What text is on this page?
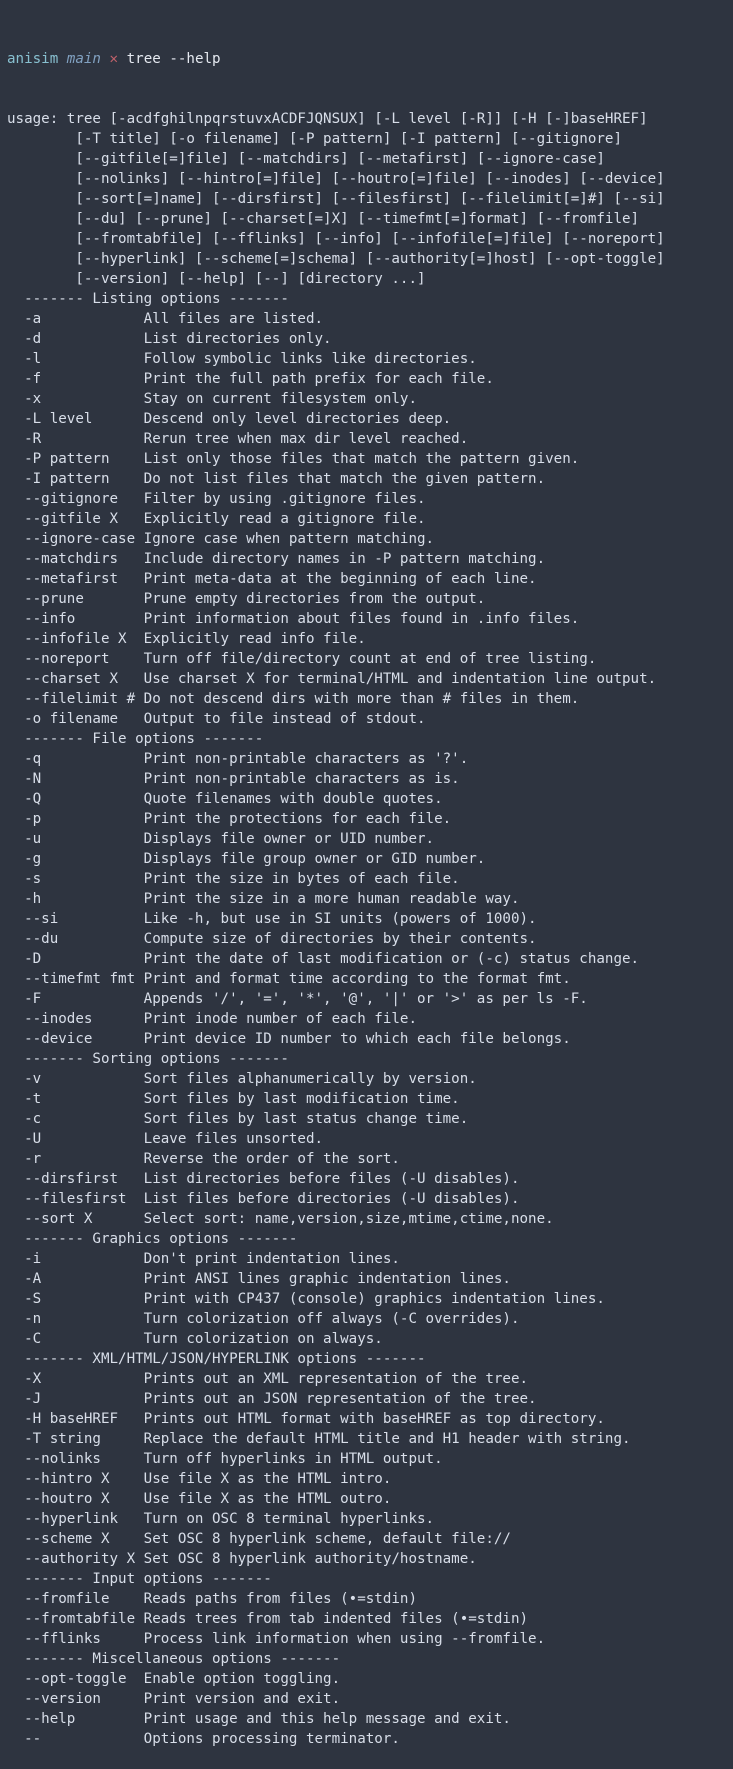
anisim main ✕ tree --help

usage: tree [-acdfghilnpqrstuvxACDFJQNSUX] [-L level [-R]] [-H [-]baseHREF]
[-T title] [-o filename] [-P pattern] [-I pattern] [--gitignore]
[--gitfile[=]file] [--matchdirs] [--metafirst] [--ignore-case]
[--nolinks] [--hintro[=]file] [--houtro[=]file] [--inodes] [--device]
[--sort[=]name] [--dirsfirst] [--filesfirst] [--filelimit[=]#] [--si]
[--du] [--prune] [--charset[=]X] [--timefmt[=]format] [--fromfile]
[--fromtabfile] [--fflinks] [--info] [--infofile[=]file] [--noreport]
[--hyperlink] [--scheme[=]schema] [--authority[=]host] [--opt-toggle]
[--version] [--help] [--] [directory ...]
------- Listing options -------
-a            All files are listed.
-d            List directories only.
-l            Follow symbolic links like directories.
-f            Print the full path prefix for each file.
-x            Stay on current filesystem only.
-L level      Descend only level directories deep.
-R            Rerun tree when max dir level reached.
-P pattern    List only those files that match the pattern given.
-I pattern    Do not list files that match the given pattern.
--gitignore   Filter by using .gitignore files.
--gitfile X   Explicitly read a gitignore file.
--ignore-case Ignore case when pattern matching.
--matchdirs   Include directory names in -P pattern matching.
--metafirst   Print meta-data at the beginning of each line.
--prune       Prune empty directories from the output.
--info        Print information about files found in .info files.
--infofile X  Explicitly read info file.
--noreport    Turn off file/directory count at end of tree listing.
--charset X   Use charset X for terminal/HTML and indentation line output.
--filelimit # Do not descend dirs with more than # files in them.
-o filename   Output to file instead of stdout.
------- File options -------
-q            Print non-printable characters as '?'.
-N            Print non-printable characters as is.
-Q            Quote filenames with double quotes.
-p            Print the protections for each file.
-u            Displays file owner or UID number.
-g            Displays file group owner or GID number.
-s            Print the size in bytes of each file.
-h            Print the size in a more human readable way.
--si          Like -h, but use in SI units (powers of 1000).
--du          Compute size of directories by their contents.
-D            Print the date of last modification or (-c) status change.
--timefmt fmt Print and format time according to the format fmt.
-F            Appends '/', '=', '*', '@', '|' or '>' as per ls -F.
--inodes      Print inode number of each file.
--device      Print device ID number to which each file belongs.
------- Sorting options -------
-v            Sort files alphanumerically by version.
-t            Sort files by last modification time.
-c            Sort files by last status change time.
-U            Leave files unsorted.
-r            Reverse the order of the sort.
--dirsfirst   List directories before files (-U disables).
--filesfirst  List files before directories (-U disables).
--sort X      Select sort: name,version,size,mtime,ctime,none.
------- Graphics options -------
-i            Don't print indentation lines.
-A            Print ANSI lines graphic indentation lines.
-S            Print with CP437 (console) graphics indentation lines.
-n            Turn colorization off always (-C overrides).
-C            Turn colorization on always.
------- XML/HTML/JSON/HYPERLINK options -------
-X            Prints out an XML representation of the tree.
-J            Prints out an JSON representation of the tree.
-H baseHREF   Prints out HTML format with baseHREF as top directory.
-T string     Replace the default HTML title and H1 header with string.
--nolinks     Turn off hyperlinks in HTML output.
--hintro X    Use file X as the HTML intro.
--houtro X    Use file X as the HTML outro.
--hyperlink   Turn on OSC 8 terminal hyperlinks.
--scheme X    Set OSC 8 hyperlink scheme, default file://
--authority X Set OSC 8 hyperlink authority/hostname.
------- Input options -------
--fromfile    Reads paths from files (•=stdin)
--fromtabfile Reads trees from tab indented files (•=stdin)
--fflinks     Process link information when using --fromfile.
------- Miscellaneous options -------
--opt-toggle  Enable option toggling.
--version     Print version and exit.
--help        Print usage and this help message and exit.
--            Options processing terminator.
